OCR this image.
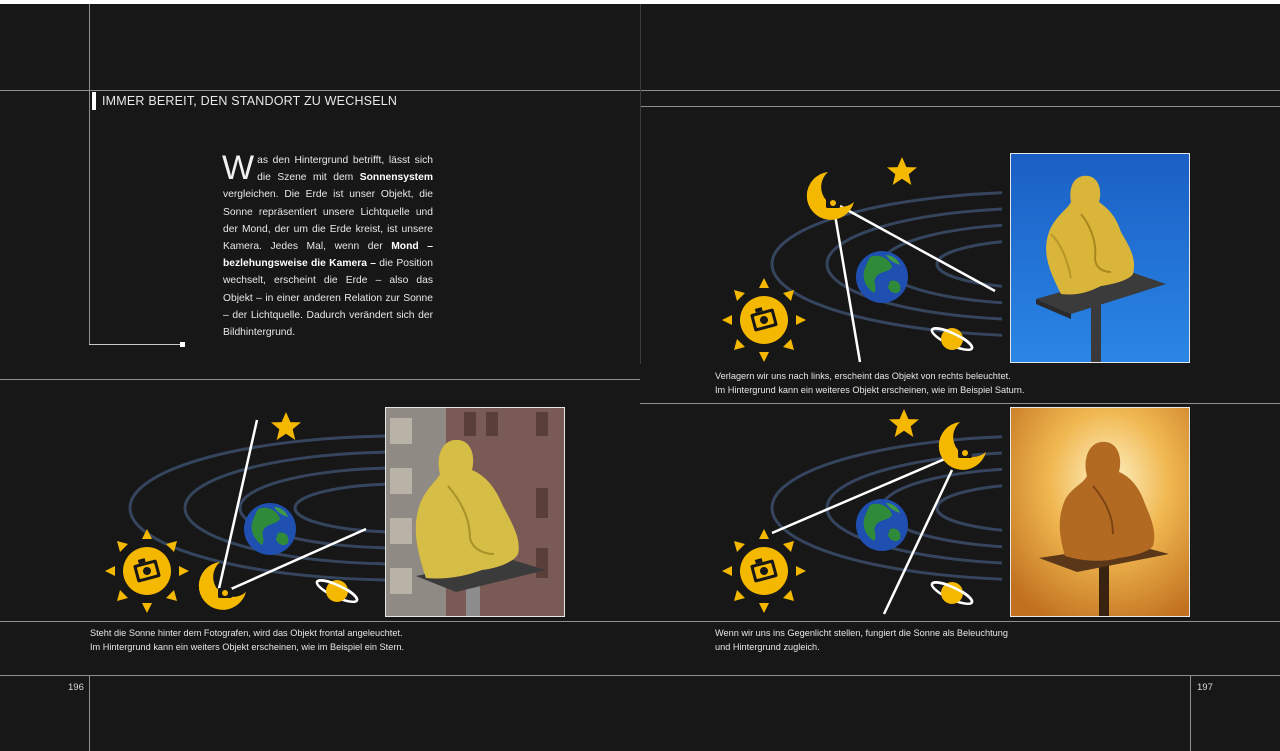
IMMER BEREIT, DEN STANDORT ZU WECHSELN
Was den Hintergrund betrifft, lässt sich die Szene mit dem Sonnensystem vergleichen. Die Erde ist unser Objekt, die Sonne repräsentiert unsere Lichtquelle und der Mond, der um die Erde kreist, ist unsere Kamera. Jedes Mal, wenn der Mond – bezlehungsweise die Kamera – die Position wechselt, erscheint die Erde – also das Objekt – in einer anderen Relation zur Sonne – der Lichtquelle. Dadurch verändert sich der Bildhintergrund.
Verlagern wir uns nach links, erscheint das Objekt von rechts beleuchtet.
Im Hintergrund kann ein weiteres Objekt erscheinen, wie im Beispiel Saturn.
Steht die Sonne hinter dem Fotografen, wird das Objekt frontal angeleuchtet.
Im Hintergrund kann ein weiters Objekt erscheinen, wie im Beispiel ein Stern.
Wenn wir uns ins Gegenlicht stellen, fungiert die Sonne als Beleuchtung
und Hintergrund zugleich.
196	197
